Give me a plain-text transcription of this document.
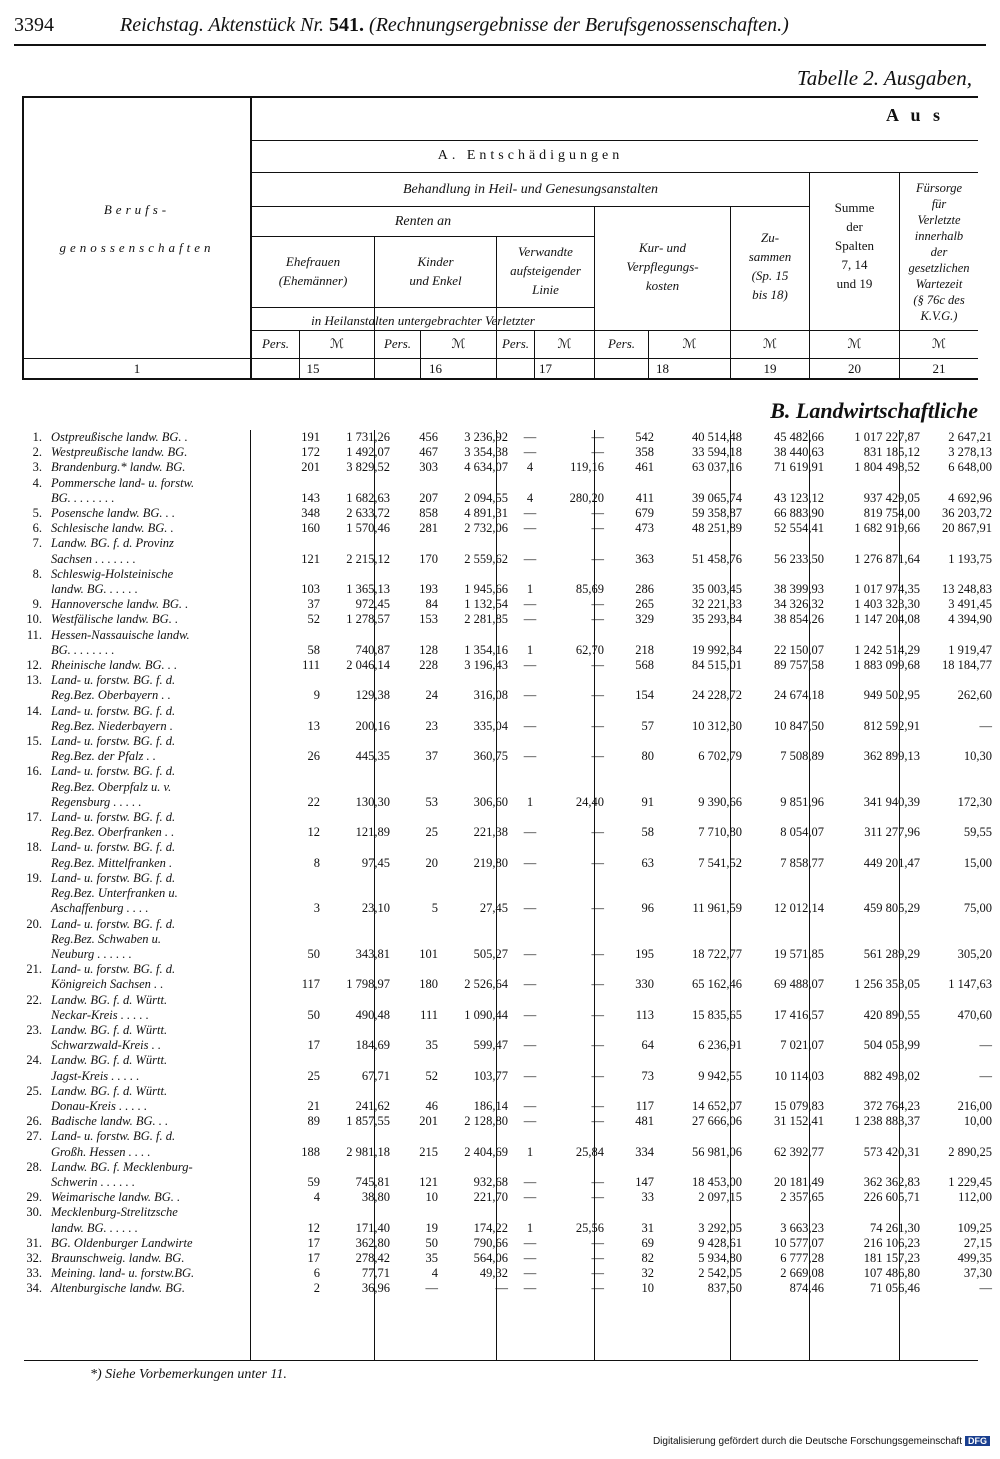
3394	Reichstag. Aktenstück Nr. 541. (Rechnungsergebnisse der Berufsgenossenschaften.)
Tabelle 2. Ausgaben,
A u s
A. Entschädigungen
Behandlung in Heil- und Genesungsanstalten
Renten an
Berufs-
genossenschaften
Ehefrauen
(Ehemänner)
Kinder
und Enkel
Verwandte
aufsteigender
Linie
Kur- und
Verpflegungs-
kosten
Zu-
sammen
(Sp. 15
bis 18)
Summe
der
Spalten
7, 14
und 19
Fürsorge
für
Verletzte
innerhalb
der
gesetzlichen
Wartezeit
(§ 76c des
K.V.G.)
in Heilanstalten untergebrachter Verletzter
Pers.	ℳ	Pers.	ℳ	Pers.	ℳ	Pers.	ℳ	ℳ	ℳ	ℳ
1	15	16	17	18	19	20	21
B. Landwirtschaftliche
1.	Ostpreußische landw. BG. .	191	1 731,26	456	3 236,92	—	—	542	40 514,48	45 482,66	1 017 227,87	2 647,21
2.	Westpreußische landw. BG.	172	1 492,07	467	3 354,38	—	—	358	33 594,18	38 440,63	831 185,12	3 278,13
3.	Brandenburg.* landw. BG.	201	3 829,52	303	4 634,07	4	119,16	461	63 037,16	71 619,91	1 804 498,52	6 648,00
4.	Pommersche land- u. forstw.											
	BG. . . . . . . .	143	1 682,63	207	2 094,55	4	280,20	411	39 065,74	43 123,12	937 429,05	4 692,96
5.	Posensche landw. BG. . .	348	2 633,72	858	4 891,31	—	—	679	59 358,87	66 883,90	819 754,00	36 203,72
6.	Schlesische landw. BG. .	160	1 570,46	281	2 732,06	—	—	473	48 251,89	52 554,41	1 682 919,66	20 867,91
7.	Landw. BG. f. d. Provinz											
	Sachsen . . . . . . .	121	2 215,12	170	2 559,62	—	—	363	51 458,76	56 233,50	1 276 871,64	1 193,75
8.	Schleswig-Holsteinische											
	landw. BG. . . . . .	103	1 365,13	193	1 945,66	1	85,69	286	35 003,45	38 399,93	1 017 974,35	13 248,83
9.	Hannoversche landw. BG. .	37	972,45	84	1 132,54	—	—	265	32 221,33	34 326,32	1 403 323,30	3 491,45
10.	Westfälische landw. BG. .	52	1 278,57	153	2 281,85	—	—	329	35 293,84	38 854,26	1 147 204,08	4 394,90
11.	Hessen-Nassauische landw.											
	BG. . . . . . . .	58	740,87	128	1 354,16	1	62,70	218	19 992,34	22 150,07	1 242 514,29	1 919,47
12.	Rheinische landw. BG. . .	111	2 046,14	228	3 196,43	—	—	568	84 515,01	89 757,58	1 883 099,68	18 184,77
13.	Land- u. forstw. BG. f. d.											
	Reg.Bez. Oberbayern . .	9	129,38	24	316,08	—	—	154	24 228,72	24 674,18	949 502,95	262,60
14.	Land- u. forstw. BG. f. d.											
	Reg.Bez. Niederbayern .	13	200,16	23	335,04	—	—	57	10 312,30	10 847,50	812 592,91	—
15.	Land- u. forstw. BG. f. d.											
	Reg.Bez. der Pfalz . .	26	445,35	37	360,75	—	—	80	6 702,79	7 508,89	362 899,13	10,30
16.	Land- u. forstw. BG. f. d.											
	Reg.Bez. Oberpfalz u. v.											
	Regensburg . . . . .	22	130,30	53	306,60	1	24,40	91	9 390,66	9 851,96	341 940,39	172,30
17.	Land- u. forstw. BG. f. d.											
	Reg.Bez. Oberfranken . .	12	121,89	25	221,38	—	—	58	7 710,80	8 054,07	311 277,96	59,55
18.	Land- u. forstw. BG. f. d.											
	Reg.Bez. Mittelfranken .	8	97,45	20	219,80	—	—	63	7 541,52	7 858,77	449 201,47	15,00
19.	Land- u. forstw. BG. f. d.											
	Reg.Bez. Unterfranken u.											
	Aschaffenburg . . . .	3	23,10	5	27,45	—	—	96	11 961,59	12 012,14	459 805,29	75,00
20.	Land- u. forstw. BG. f. d.											
	Reg.Bez. Schwaben u.											
	Neuburg . . . . . .	50	343,81	101	505,27	—	—	195	18 722,77	19 571,85	561 289,29	305,20
21.	Land- u. forstw. BG. f. d.											
	Königreich Sachsen . .	117	1 798,97	180	2 526,64	—	—	330	65 162,46	69 488,07	1 256 353,05	1 147,63
22.	Landw. BG. f. d. Württ.											
	Neckar-Kreis . . . . .	50	490,48	111	1 090,44	—	—	113	15 835,65	17 416,57	420 890,55	470,60
23.	Landw. BG. f. d. Württ.											
	Schwarzwald-Kreis . .	17	184,69	35	599,47	—	—	64	6 236,91	7 021,07	504 053,99	—
24.	Landw. BG. f. d. Württ.											
	Jagst-Kreis . . . . .	25	67,71	52	103,77	—	—	73	9 942,55	10 114,03	882 493,02	—
25.	Landw. BG. f. d. Württ.											
	Donau-Kreis . . . . .	21	241,62	46	186,14	—	—	117	14 652,07	15 079,83	372 764,23	216,00
26.	Badische landw. BG. . .	89	1 857,55	201	2 128,80	—	—	481	27 666,06	31 152,41	1 238 883,37	10,00
27.	Land- u. forstw. BG. f. d.											
	Großh. Hessen . . . .	188	2 981,18	215	2 404,69	1	25,84	334	56 981,06	62 392,77	573 420,31	2 890,25
28.	Landw. BG. f. Mecklenburg-											
	Schwerin . . . . . .	59	745,81	121	932,68	—	—	147	18 453,00	20 181,49	362 362,83	1 229,45
29.	Weimarische landw. BG. .	4	38,80	10	221,70	—	—	33	2 097,15	2 357,65	226 605,71	112,00
30.	Mecklenburg-Strelitzsche											
	landw. BG. . . . . .	12	171,40	19	174,22	1	25,56	31	3 292,05	3 663,23	74 261,30	109,25
31.	BG. Oldenburger Landwirte	17	362,80	50	790,66	—	—	69	9 428,61	10 577,07	216 106,23	27,15
32.	Braunschweig. landw. BG.	17	278,42	35	564,06	—	—	82	5 934,80	6 777,28	181 157,23	499,35
33.	Meining. land- u. forstw.BG.	6	77,71	4	49,32	—	—	32	2 542,05	2 669,08	107 486,80	37,30
34.	Altenburgische landw. BG.	2	36,96	—	—	—	—	10	837,50	874,46	71 056,46	—
*) Siehe Vorbemerkungen unter 11.
Digitalisierung gefördert durch die Deutsche Forschungsgemeinschaft DFG
